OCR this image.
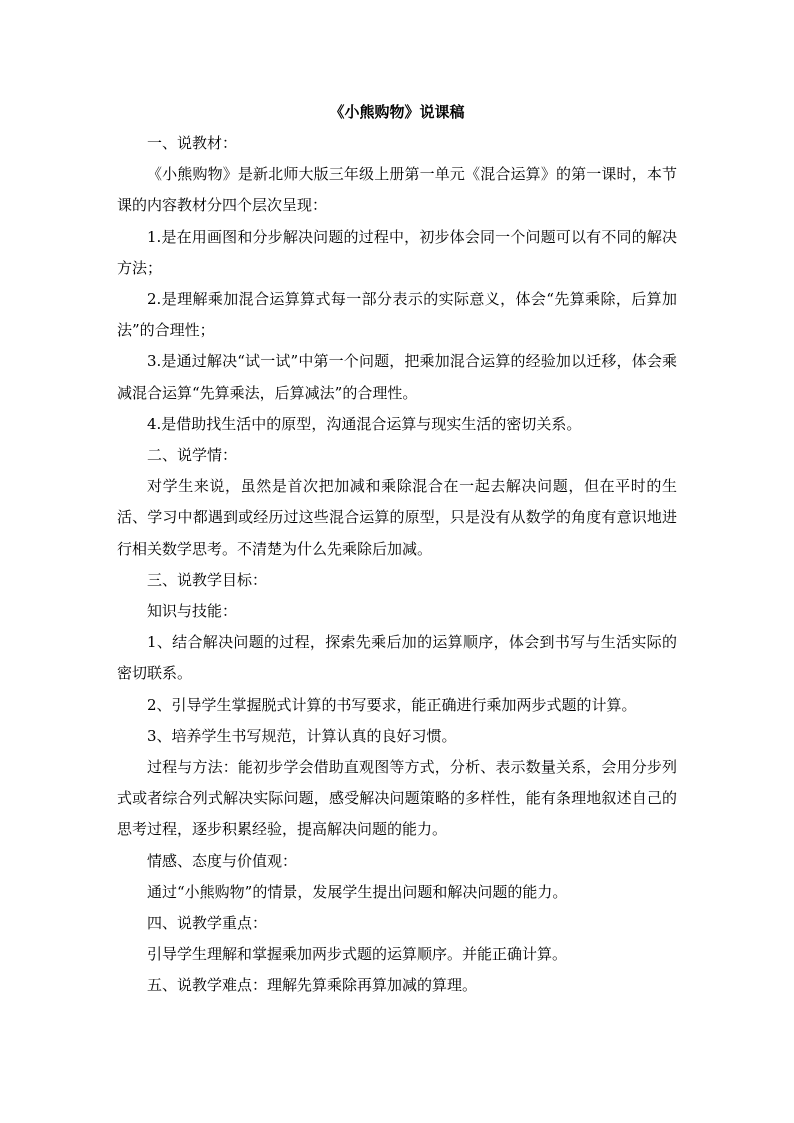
《小熊购物》说课稿

一、说教材：

《小熊购物》是新北师大版三年级上册第一单元《混合运算》的第一课时，本节课的内容教材分四个层次呈现：

1.是在用画图和分步解决问题的过程中，初步体会同一个问题可以有不同的解决方法；

2.是理解乘加混合运算算式每一部分表示的实际意义，体会“先算乘除，后算加法”的合理性；

3.是通过解决“试一试”中第一个问题，把乘加混合运算的经验加以迁移，体会乘减混合运算“先算乘法，后算减法”的合理性。

4.是借助找生活中的原型，沟通混合运算与现实生活的密切关系。

二、说学情：

对学生来说，虽然是首次把加减和乘除混合在一起去解决问题，但在平时的生活、学习中都遇到或经历过这些混合运算的原型，只是没有从数学的角度有意识地进行相关数学思考。不清楚为什么先乘除后加减。

三、说教学目标：

知识与技能：

1、结合解决问题的过程，探索先乘后加的运算顺序，体会到书写与生活实际的密切联系。

2、引导学生掌握脱式计算的书写要求，能正确进行乘加两步式题的计算。

3、培养学生书写规范，计算认真的良好习惯。

过程与方法：能初步学会借助直观图等方式，分析、表示数量关系，会用分步列式或者综合列式解决实际问题，感受解决问题策略的多样性，能有条理地叙述自己的思考过程，逐步积累经验，提高解决问题的能力。

情感、态度与价值观：

通过“小熊购物”的情景，发展学生提出问题和解决问题的能力。

四、说教学重点：

引导学生理解和掌握乘加两步式题的运算顺序。并能正确计算。

五、说教学难点：理解先算乘除再算加减的算理。
